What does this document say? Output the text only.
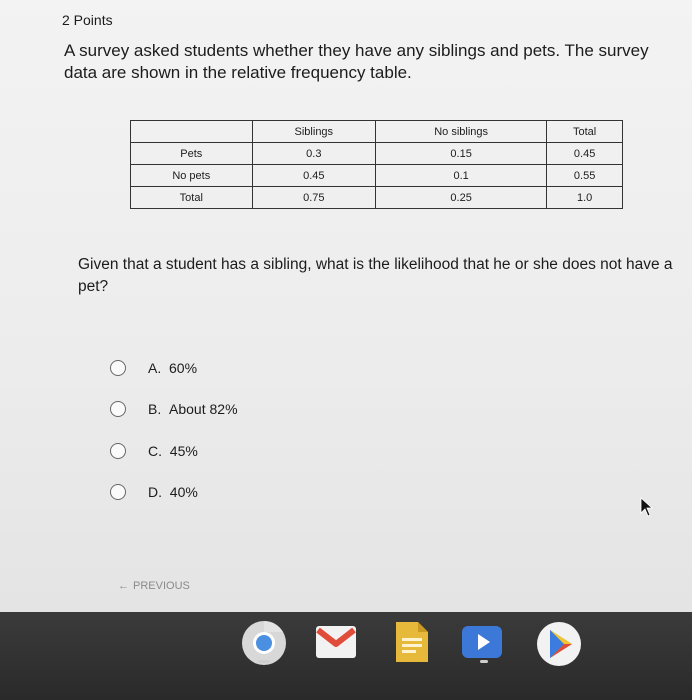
2 Points
A survey asked students whether they have any siblings and pets. The survey data are shown in the relative frequency table.
	Siblings	No siblings	Total
Pets	0.3	0.15	0.45
No pets	0.45	0.1	0.55
Total	0.75	0.25	1.0
Given that a student has a sibling, what is the likelihood that he or she does not have a pet?
A.
60%
B.
About 82%
C.
45%
D.
40%
SUBMIT
← PREVIOUS
